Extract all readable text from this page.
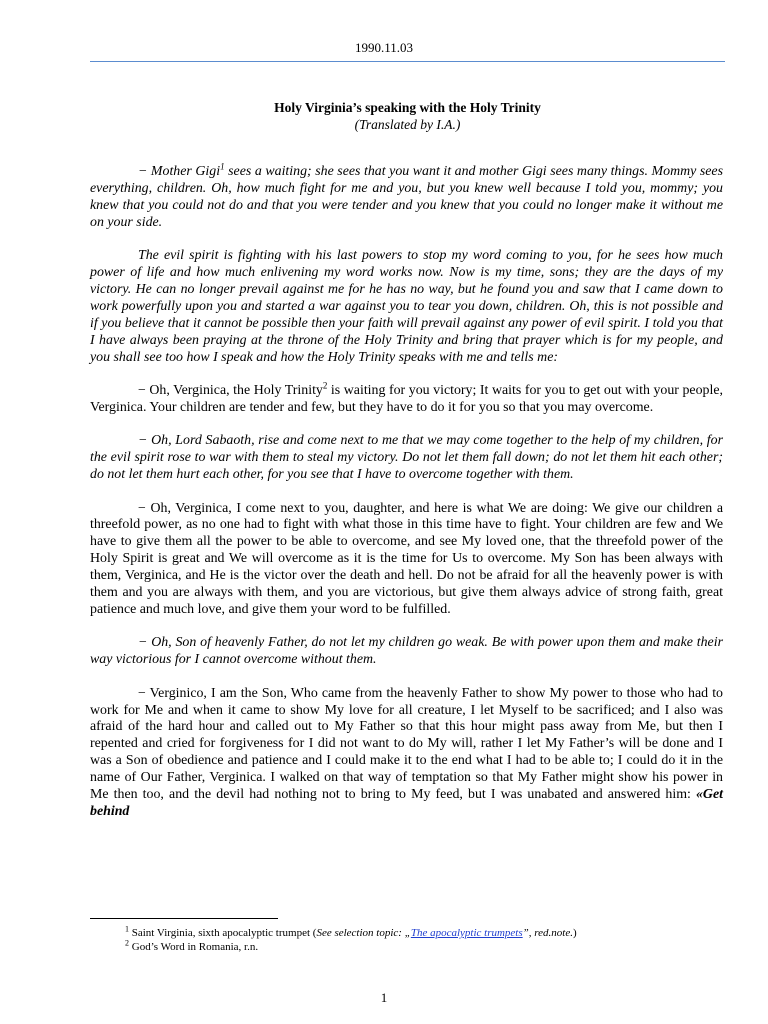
1990.11.03
Holy Virginia’s speaking with the Holy Trinity
(Translated by I.A.)

− Mother Gigi$^1$ sees a waiting; she sees that you want it and mother Gigi sees many things. Mommy sees everything, children. Oh, how much fight for me and you, but you knew well because I told you, mommy; you knew that you could not do and that you were tender and you knew that you could no longer make it without me on your side.

The evil spirit is fighting with his last powers to stop my word coming to you, for he sees how much power of life and how much enlivening my word works now. Now is my time, sons; they are the days of my victory. He can no longer prevail against me for he has no way, but he found you and saw that I came down to work powerfully upon you and started a war against you to tear you down, children. Oh, this is not possible and if you believe that it cannot be possible then your faith will prevail against any power of evil spirit. I told you that I have always been praying at the throne of the Holy Trinity and bring that prayer which is for my people, and you shall see too how I speak and how the Holy Trinity speaks with me and tells me:

− Oh, Verginica, the Holy Trinity$^2$ is waiting for you victory; It waits for you to get out with your people, Verginica. Your children are tender and few, but they have to do it for you so that you may overcome.

− Oh, Lord Sabaoth, rise and come next to me that we may come together to the help of my children, for the evil spirit rose to war with them to steal my victory. Do not let them fall down; do not let them hit each other; do not let them hurt each other, for you see that I have to overcome together with them.

− Oh, Verginica, I come next to you, daughter, and here is what We are doing: We give our children a threefold power, as no one had to fight with what those in this time have to fight. Your children are few and We have to give them all the power to be able to overcome, and see My loved one, that the threefold power of the Holy Spirit is great and We will overcome as it is the time for Us to overcome. My Son has been always with them, Verginica, and He is the victor over the death and hell. Do not be afraid for all the heavenly power is with them and you are always with them, and you are victorious, but give them always advice of strong faith, great patience and much love, and give them your word to be fulfilled.

− Oh, Son of heavenly Father, do not let my children go weak. Be with power upon them and make their way victorious for I cannot overcome without them.

− Verginico, I am the Son, Who came from the heavenly Father to show My power to those who had to work for Me and when it came to show My love for all creature, I let Myself to be sacrificed; and I also was afraid of the hard hour and called out to My Father so that this hour might pass away from Me, but then I repented and cried for forgiveness for I did not want to do My will, rather I let My Father’s will be done and I was a Son of obedience and patience and I could make it to the end what I had to be able to; I could do it in the name of Our Father, Verginica. I walked on that way of temptation so that My Father might show his power in Me then too, and the devil had nothing not to bring to My feed, but I was unabated and answered him: «Get behind

$^1$ Saint Virginia, sixth apocalyptic trumpet (See selection topic: „The apocalyptic trumpets”, red.note.)
$^2$ God’s Word in Romania, r.n.
1
